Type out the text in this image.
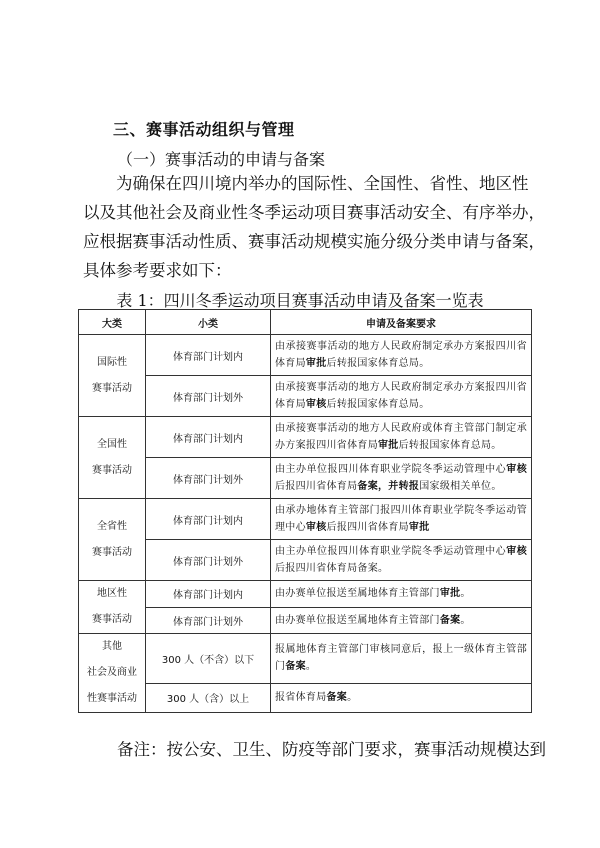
三、赛事活动组织与管理
（一）赛事活动的申请与备案
为确保在四川境内举办的国际性、全国性、省性、地区性
以及其他社会及商业性冬季运动项目赛事活动安全、有序举办，
应根据赛事活动性质、赛事活动规模实施分级分类申请与备案，
具体参考要求如下：
表 1：四川冬季运动项目赛事活动申请及备案一览表
大类	小类	申请及备案要求

国际性
赛事活动	体育部门计划内	由承接赛事活动的地方人民政府制定承办方案报四川省体育局审批后转报国家体育总局。
	体育部门计划外	由承接赛事活动的地方人民政府制定承办方案报四川省体育局审核后转报国家体育总局。

全国性
赛事活动	体育部门计划内	由承接赛事活动的地方人民政府或体育主管部门制定承办方案报四川省体育局审批后转报国家体育总局。
	体育部门计划外	由主办单位报四川体育职业学院冬季运动管理中心审核后报四川省体育局备案，并转报国家级相关单位。

全省性
赛事活动	体育部门计划内	由承办地体育主管部门报四川体育职业学院冬季运动管理中心审核后报四川省体育局审批
	体育部门计划外	由主办单位报四川体育职业学院冬季运动管理中心审核后报四川省体育局备案。

地区性
赛事活动	体育部门计划内	由办赛单位报送至属地体育主管部门审批。
	体育部门计划外	由办赛单位报送至属地体育主管部门备案。

其他
社会及商业
性赛事活动	300 人（不含）以下	报属地体育主管部门审核同意后，报上一级体育主管部门备案。
	300 人（含）以上	报省体育局备案。
备注：按公安、卫生、防疫等部门要求，赛事活动规模达到
